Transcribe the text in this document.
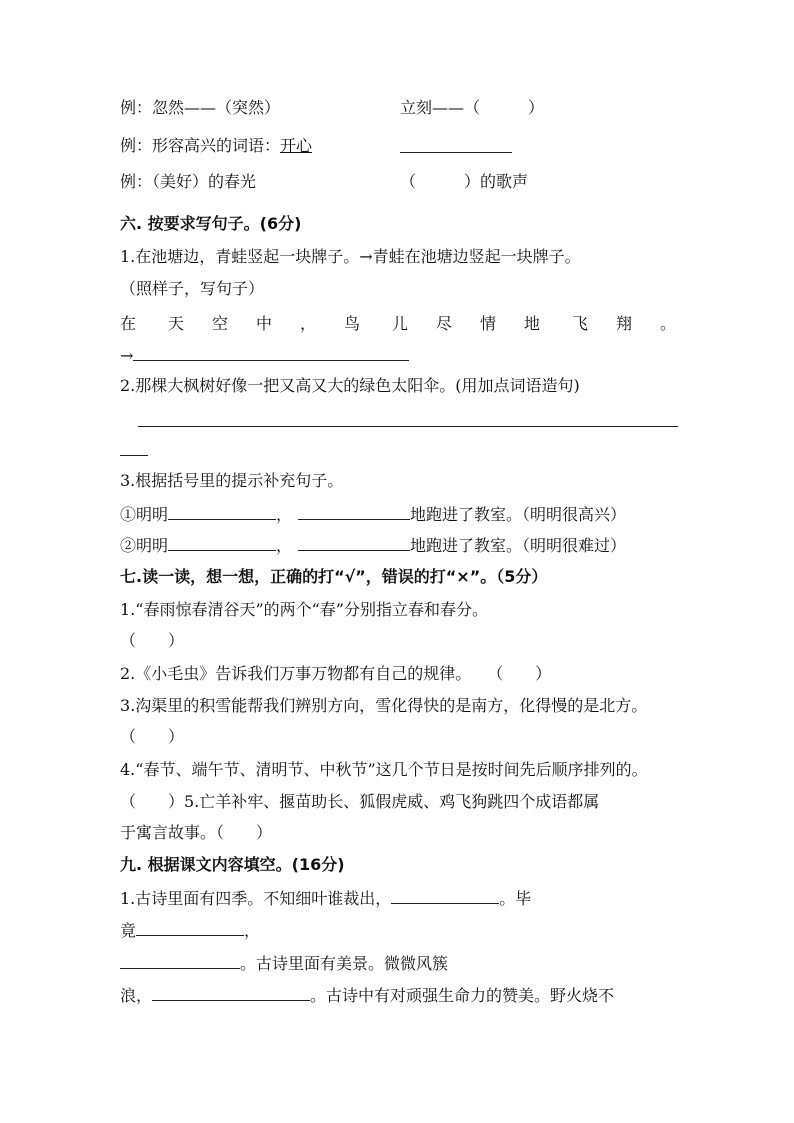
例：忽然——（突然）	立刻——（　　　）
例：形容高兴的词语：开心
例：（美好）的春光	（　　　）的歌声
六. 按要求写句子。(6分)
1.在池塘边，青蛙竖起一块牌子。→青蛙在池塘边竖起一块牌子。
（照样子，写句子）
在 天 空 中 ， 鸟 儿 尽 情 地 飞 翔 。
→
2.那棵大枫树好像一把又高又大的绿色太阳伞。(用加点词语造句)
3.根据括号里的提示补充句子。
①明明	，	地跑进了教室。（明明很高兴）
②明明	，	地跑进了教室。（明明很难过）
七.读一读，想一想，正确的打“√”，错误的打“×”。（5分）
1.“春雨惊春清谷天”的两个“春”分别指立春和春分。
（　　）
2.《小毛虫》告诉我们万事万物都有自己的规律。　　（　　）
3.沟渠里的积雪能帮我们辨别方向，雪化得快的是南方，化得慢的是北方。
（　　）
4.“春节、端午节、清明节、中秋节”这几个节日是按时间先后顺序排列的。
（　　）5.亡羊补牢、揠苗助长、狐假虎威、鸡飞狗跳四个成语都属
于寓言故事。（　　）
九. 根据课文内容填空。(16分)
1.古诗里面有四季。不知细叶谁裁出，	。毕
竟	，
。古诗里面有美景。微微风簇
浪，	。古诗中有对顽强生命力的赞美。野火烧不
